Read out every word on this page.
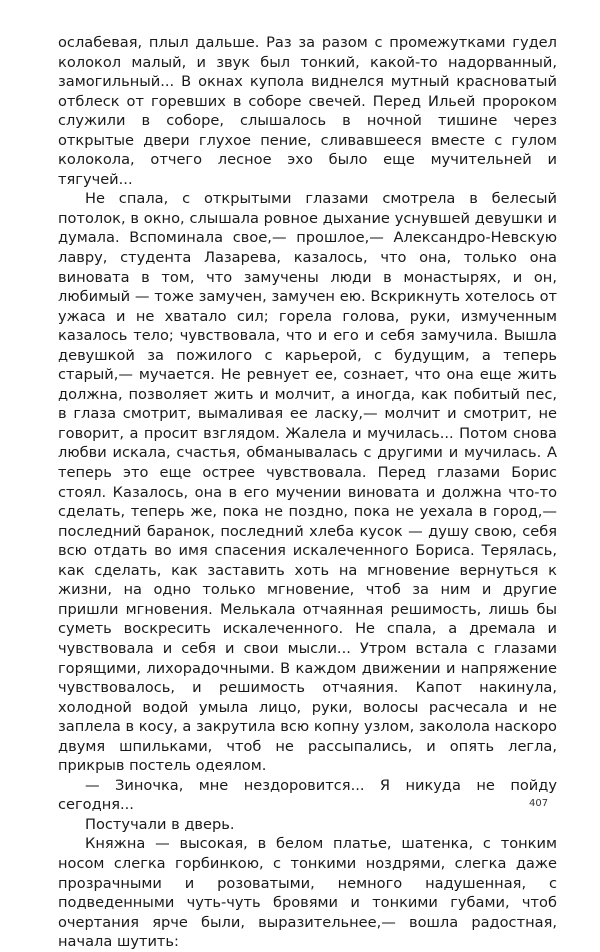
ослабевая, плыл дальше. Раз за разом с промежутками гудел колокол малый, и звук был тонкий, какой-то надорванный, замогильный... В окнах купола виднелся мутный красноватый отблеск от горевших в соборе свечей. Перед Ильей пророком служили в соборе, слышалось в ночной тишине через открытые двери глухое пение, сливавшееся вместе с гулом колокола, отчего лесное эхо было еще мучительней и тягучей...

Не спала, с открытыми глазами смотрела в белесый потолок, в окно, слышала ровное дыхание уснувшей девушки и думала. Вспоминала свое,— прошлое,— Александро-Невскую лавру, студента Лазарева, казалось, что она, только она виновата в том, что замучены люди в монастырях, и он, любимый — тоже замучен, замучен ею. Вскрикнуть хотелось от ужаса и не хватало сил; горела голова, руки, измученным казалось тело; чувствовала, что и его и себя замучила. Вышла девушкой за пожилого с карьерой, с будущим, а теперь старый,— мучается. Не ревнует ее, сознает, что она еще жить должна, позволяет жить и молчит, а иногда, как побитый пес, в глаза смотрит, вымаливая ее ласку,— молчит и смотрит, не говорит, а просит взглядом. Жалела и мучилась... Потом снова любви искала, счастья, обманывалась с другими и мучилась. А теперь это еще острее чувствовала. Перед глазами Борис стоял. Казалось, она в его мучении виновата и должна что-то сделать, теперь же, пока не поздно, пока не уехала в город,— последний баранок, последний хлеба кусок — душу свою, себя всю отдать во имя спасения искалеченного Бориса. Терялась, как сделать, как заставить хоть на мгновение вернуться к жизни, на одно только мгновение, чтоб за ним и другие пришли мгновения. Мелькала отчаянная решимость, лишь бы суметь воскресить искалеченного. Не спала, а дремала и чувствовала и себя и свои мысли... Утром встала с глазами горящими, лихорадочными. В каждом движении и напряжение чувствовалось, и решимость отчаяния. Капот накинула, холодной водой умыла лицо, руки, волосы расчесала и не заплела в косу, а закрутила всю копну узлом, заколола наскоро двумя шпильками, чтоб не рассыпались, и опять легла, прикрыв постель одеялом.

— Зиночка, мне нездоровится... Я никуда не пойду сегодня...

Постучали в дверь.

Княжна — высокая, в белом платье, шатенка, с тонким носом слегка горбинкою, с тонкими ноздрями, слегка даже прозрачными и розоватыми, немного надушенная, с подведенными чуть-чуть бровями и тонкими губами, чтоб очертания ярче были, выразительнее,— вошла радостная, начала шутить:

407
